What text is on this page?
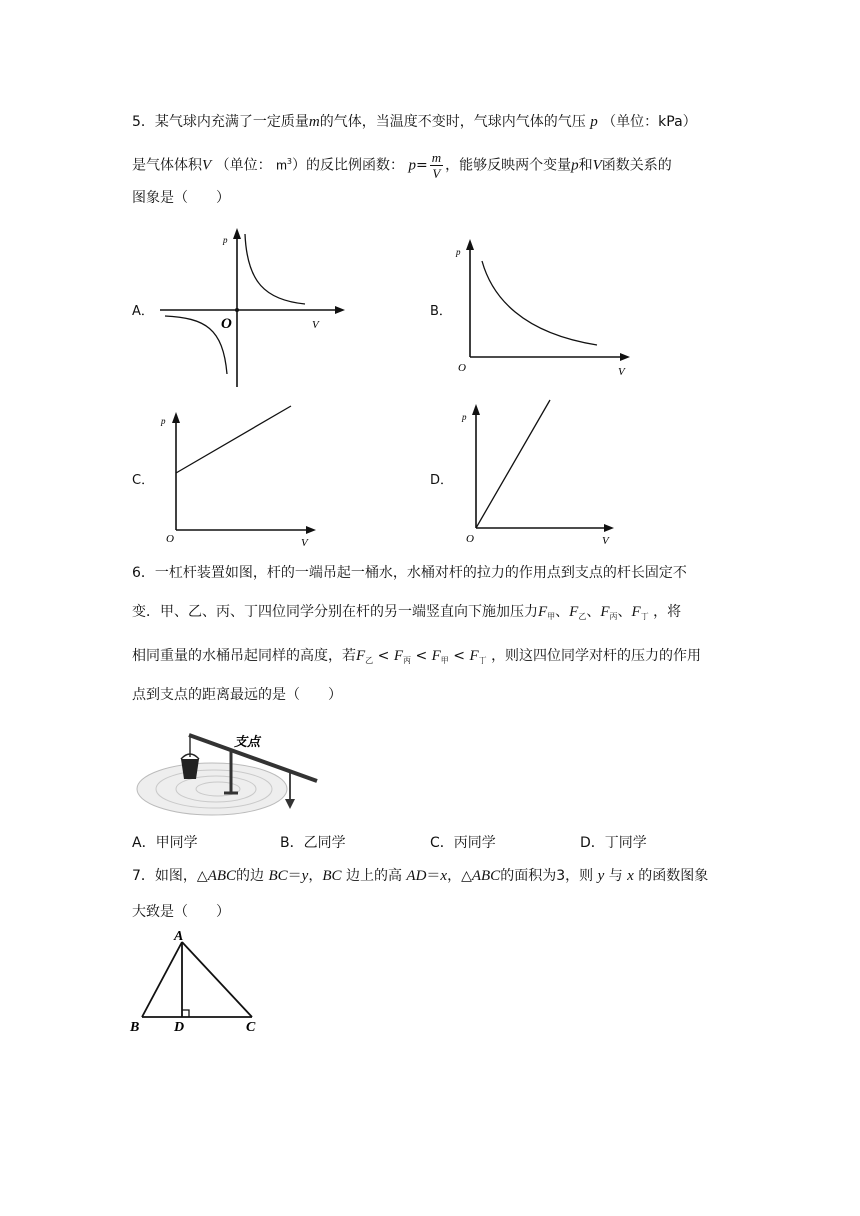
5．某气球内充满了一定质量m的气体，当温度不变时，气球内气体的气压 p （单位：kPa）
是气体体积V （单位： $m^3$）的反比例函数： $p= \frac{m}{V}$ ，能够反映两个变量p和V函数关系的
图象是（　　）
A．	B．
C．	D．
p
V
O
p
V
O
p
V
O
p
V
O
6．一杠杆装置如图，杆的一端吊起一桶水，水桶对杆的拉力的作用点到支点的杆长固定不
变．甲、乙、丙、丁四位同学分别在杆的另一端竖直向下施加压力$F_甲$、$F_乙$、$F_丙$、$F_丁$ ，将
相同重量的水桶吊起同样的高度，若$F_乙 < F_丙 < F_甲 < F_丁$ ，则这四位同学对杆的压力的作用
点到支点的距离最远的是（　　）
支点
A．甲同学	B．乙同学	C．丙同学	D．丁同学
7．如图，△ABC的边 BC＝y，BC 边上的高 AD＝x，△ABC的面积为3，则 y 与 x 的函数图象
大致是（　　）
A
B D	C
